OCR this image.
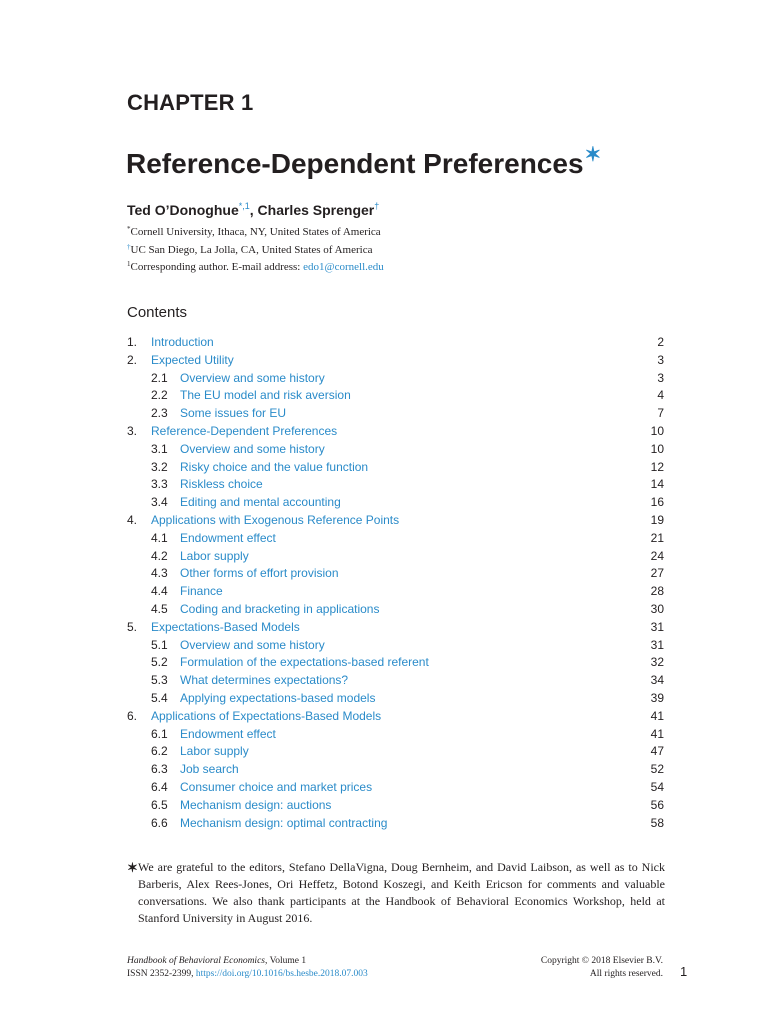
CHAPTER 1
Reference-Dependent Preferences✶
Ted O’Donoghue$^{*,1}$, Charles Sprenger†
*Cornell University, Ithaca, NY, United States of America
†UC San Diego, La Jolla, CA, United States of America
$^1$Corresponding author. E-mail address: edo1@cornell.edu
Contents
1. Introduction	2
2. Expected Utility	3
2.1 Overview and some history	3
2.2 The EU model and risk aversion	4
2.3 Some issues for EU	7
3. Reference-Dependent Preferences	10
3.1 Overview and some history	10
3.2 Risky choice and the value function	12
3.3 Riskless choice	14
3.4 Editing and mental accounting	16
4. Applications with Exogenous Reference Points	19
4.1 Endowment effect	21
4.2 Labor supply	24
4.3 Other forms of effort provision	27
4.4 Finance	28
4.5 Coding and bracketing in applications	30
5. Expectations-Based Models	31
5.1 Overview and some history	31
5.2 Formulation of the expectations-based referent	32
5.3 What determines expectations?	34
5.4 Applying expectations-based models	39
6. Applications of Expectations-Based Models	41
6.1 Endowment effect	41
6.2 Labor supply	47
6.3 Job search	52
6.4 Consumer choice and market prices	54
6.5 Mechanism design: auctions	56
6.6 Mechanism design: optimal contracting	58
✶ We are grateful to the editors, Stefano DellaVigna, Doug Bernheim, and David Laibson, as well as to Nick Barberis, Alex Rees-Jones, Ori Heffetz, Botond Koszegi, and Keith Ericson for comments and valuable conversations. We also thank participants at the Handbook of Behavioral Economics Workshop, held at Stanford University in August 2016.
Handbook of Behavioral Economics, Volume 1
ISSN 2352-2399, https://doi.org/10.1016/bs.hesbe.2018.07.003
Copyright © 2018 Elsevier B.V.
All rights reserved. 1
